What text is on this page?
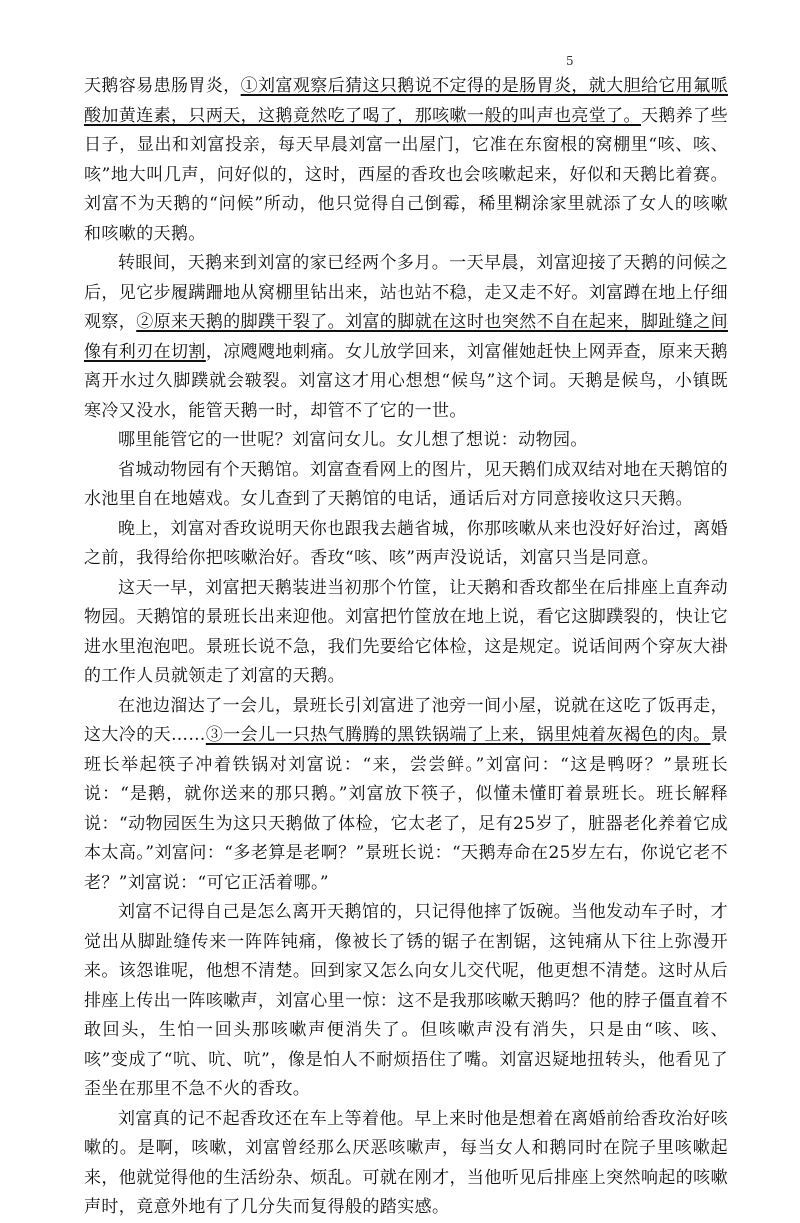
5

天鹅容易患肠胃炎，①刘富观察后猜这只鹅说不定得的是肠胃炎，就大胆给它用氟哌酸加黄连素，只两天，这鹅竟然吃了喝了，那咳嗽一般的叫声也亮堂了。天鹅养了些日子，显出和刘富投亲，每天早晨刘富一出屋门，它准在东窗根的窝棚里“咳、咳、咳”地大叫几声，问好似的，这时，西屋的香玫也会咳嗽起来，好似和天鹅比着赛。刘富不为天鹅的“问候”所动，他只觉得自己倒霉，稀里糊涂家里就添了女人的咳嗽和咳嗽的天鹅。

转眼间，天鹅来到刘富的家已经两个多月。一天早晨，刘富迎接了天鹅的问候之后，见它步履蹒跚地从窝棚里钻出来，站也站不稳，走又走不好。刘富蹲在地上仔细观察，②原来天鹅的脚蹼干裂了。刘富的脚就在这时也突然不自在起来，脚趾缝之间像有利刃在切割，凉飕飕地刺痛。女儿放学回来，刘富催她赶快上网弄查，原来天鹅离开水过久脚蹼就会皲裂。刘富这才用心想想“候鸟”这个词。天鹅是候鸟，小镇既寒冷又没水，能管天鹅一时，却管不了它的一世。

哪里能管它的一世呢？刘富问女儿。女儿想了想说：动物园。

省城动物园有个天鹅馆。刘富查看网上的图片，见天鹅们成双结对地在天鹅馆的水池里自在地嬉戏。女儿查到了天鹅馆的电话，通话后对方同意接收这只天鹅。

晚上，刘富对香玫说明天你也跟我去趟省城，你那咳嗽从来也没好好治过，离婚之前，我得给你把咳嗽治好。香玫“咳、咳”两声没说话，刘富只当是同意。

这天一早，刘富把天鹅装进当初那个竹筐，让天鹅和香玫都坐在后排座上直奔动物园。天鹅馆的景班长出来迎他。刘富把竹筐放在地上说，看它这脚蹼裂的，快让它进水里泡泡吧。景班长说不急，我们先要给它体检，这是规定。说话间两个穿灰大褂的工作人员就领走了刘富的天鹅。

在池边溜达了一会儿，景班长引刘富进了池旁一间小屋，说就在这吃了饭再走，这大冷的天……③一会儿一只热气腾腾的黑铁锅端了上来，锅里炖着灰褐色的肉。景班长举起筷子冲着铁锅对刘富说：“来，尝尝鲜。”刘富问：“这是鸭呀？”景班长说：“是鹅，就你送来的那只鹅。”刘富放下筷子，似懂未懂盯着景班长。班长解释说：“动物园医生为这只天鹅做了体检，它太老了，足有25岁了，脏器老化养着它成本太高。”刘富问：“多老算是老啊？”景班长说：“天鹅寿命在25岁左右，你说它老不老？”刘富说：“可它正活着哪。”

刘富不记得自己是怎么离开天鹅馆的，只记得他摔了饭碗。当他发动车子时，才觉出从脚趾缝传来一阵阵钝痛，像被长了锈的锯子在割锯，这钝痛从下往上弥漫开来。该怨谁呢，他想不清楚。回到家又怎么向女儿交代呢，他更想不清楚。这时从后排座上传出一阵咳嗽声，刘富心里一惊：这不是我那咳嗽天鹅吗？他的脖子僵直着不敢回头，生怕一回头那咳嗽声便消失了。但咳嗽声没有消失，只是由“咳、咳、咳”变成了“吭、吭、吭”，像是怕人不耐烦捂住了嘴。刘富迟疑地扭转头，他看见了歪坐在那里不急不火的香玫。

刘富真的记不起香玫还在车上等着他。早上来时他是想着在离婚前给香玫治好咳嗽的。是啊，咳嗽，刘富曾经那么厌恶咳嗽声，每当女人和鹅同时在院子里咳嗽起来，他就觉得他的生活纷杂、烦乱。可就在刚才，当他听见后排座上突然响起的咳嗽声时，竟意外地有了几分失而复得般的踏实感。
